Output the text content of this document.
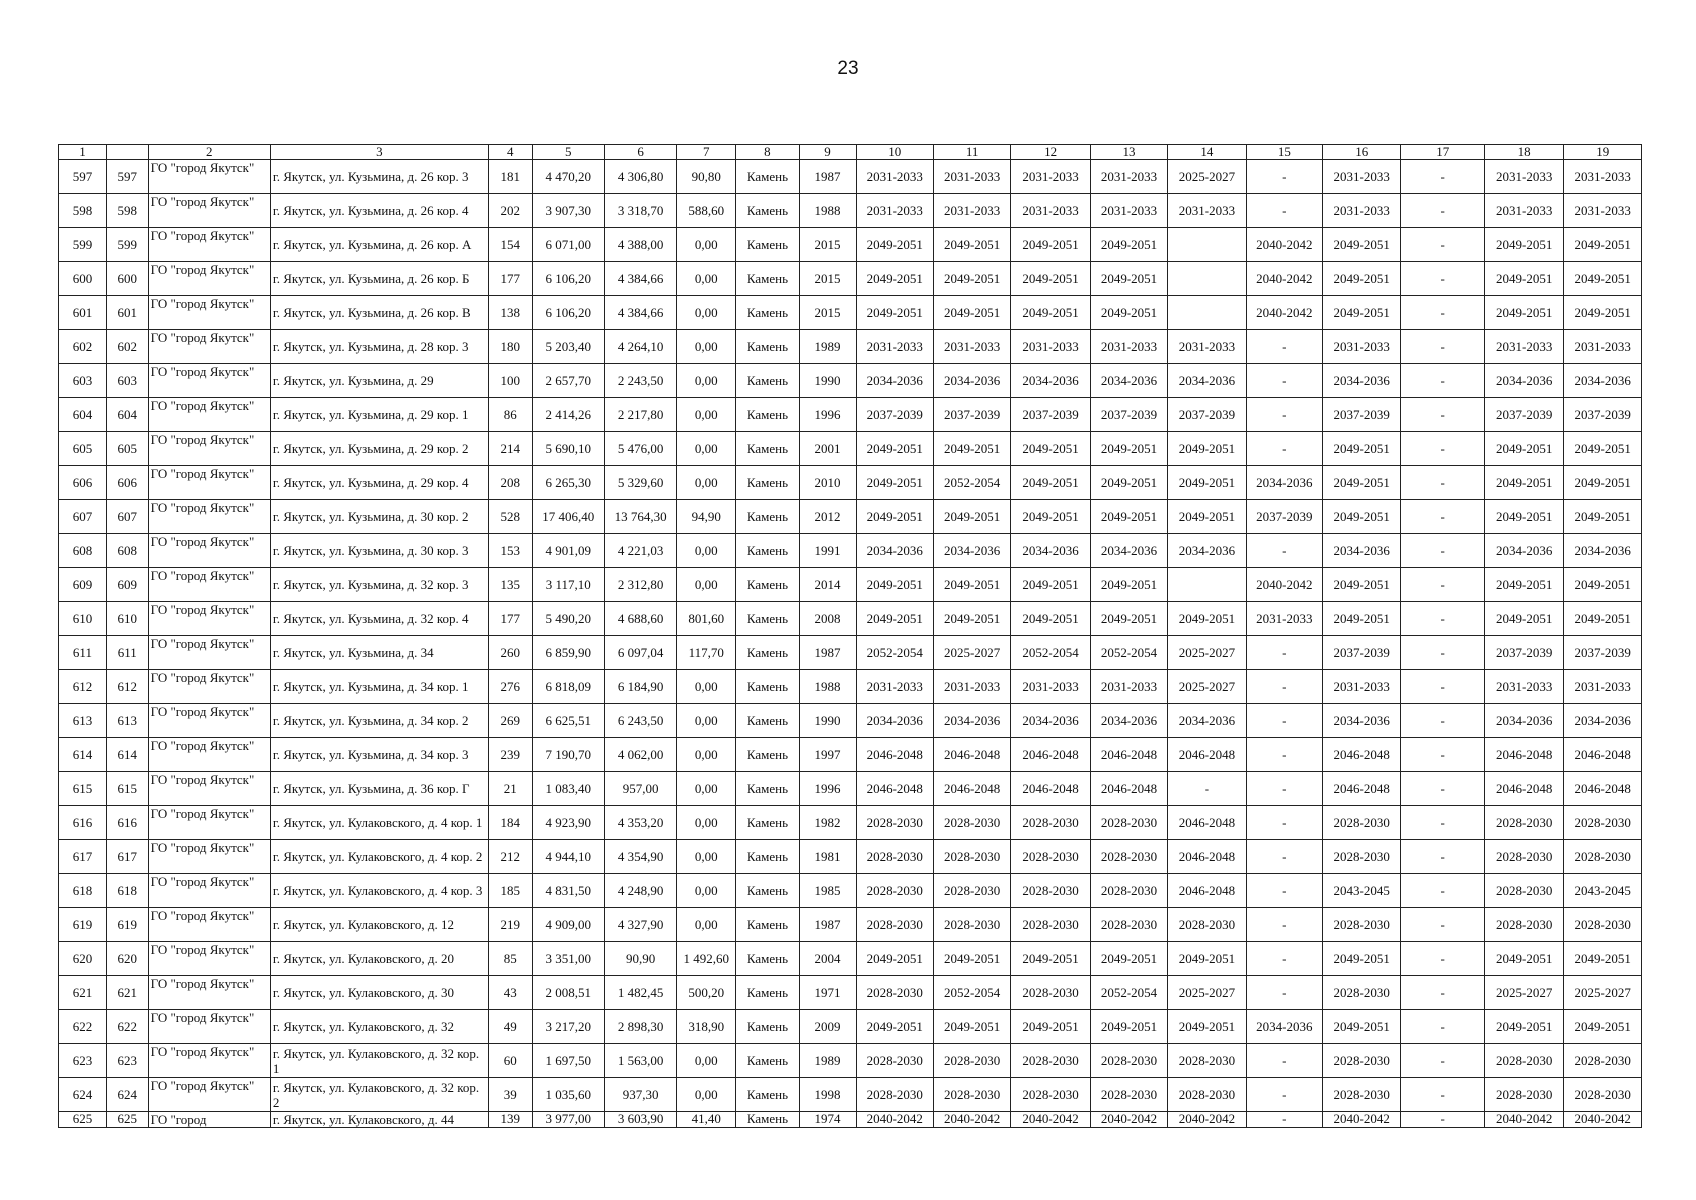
23
1		2	3	4	5	6	7	8	9	10	11	12	13	14	15	16	17	18	19
597	597	ГО "город Якутск"	г. Якутск, ул. Кузьмина, д. 26 кор. 3	181	4 470,20	4 306,80	90,80	Камень	1987	2031-2033	2031-2033	2031-2033	2031-2033	2025-2027	-	2031-2033	-	2031-2033	2031-2033
598	598	ГО "город Якутск"	г. Якутск, ул. Кузьмина, д. 26 кор. 4	202	3 907,30	3 318,70	588,60	Камень	1988	2031-2033	2031-2033	2031-2033	2031-2033	2031-2033	-	2031-2033	-	2031-2033	2031-2033
599	599	ГО "город Якутск"	г. Якутск, ул. Кузьмина, д. 26 кор. А	154	6 071,00	4 388,00	0,00	Камень	2015	2049-2051	2049-2051	2049-2051	2049-2051		2040-2042	2049-2051	-	2049-2051	2049-2051
600	600	ГО "город Якутск"	г. Якутск, ул. Кузьмина, д. 26 кор. Б	177	6 106,20	4 384,66	0,00	Камень	2015	2049-2051	2049-2051	2049-2051	2049-2051		2040-2042	2049-2051	-	2049-2051	2049-2051
601	601	ГО "город Якутск"	г. Якутск, ул. Кузьмина, д. 26 кор. В	138	6 106,20	4 384,66	0,00	Камень	2015	2049-2051	2049-2051	2049-2051	2049-2051		2040-2042	2049-2051	-	2049-2051	2049-2051
602	602	ГО "город Якутск"	г. Якутск, ул. Кузьмина, д. 28 кор. 3	180	5 203,40	4 264,10	0,00	Камень	1989	2031-2033	2031-2033	2031-2033	2031-2033	2031-2033	-	2031-2033	-	2031-2033	2031-2033
603	603	ГО "город Якутск"	г. Якутск, ул. Кузьмина, д. 29	100	2 657,70	2 243,50	0,00	Камень	1990	2034-2036	2034-2036	2034-2036	2034-2036	2034-2036	-	2034-2036	-	2034-2036	2034-2036
604	604	ГО "город Якутск"	г. Якутск, ул. Кузьмина, д. 29 кор. 1	86	2 414,26	2 217,80	0,00	Камень	1996	2037-2039	2037-2039	2037-2039	2037-2039	2037-2039	-	2037-2039	-	2037-2039	2037-2039
605	605	ГО "город Якутск"	г. Якутск, ул. Кузьмина, д. 29 кор. 2	214	5 690,10	5 476,00	0,00	Камень	2001	2049-2051	2049-2051	2049-2051	2049-2051	2049-2051	-	2049-2051	-	2049-2051	2049-2051
606	606	ГО "город Якутск"	г. Якутск, ул. Кузьмина, д. 29 кор. 4	208	6 265,30	5 329,60	0,00	Камень	2010	2049-2051	2052-2054	2049-2051	2049-2051	2049-2051	2034-2036	2049-2051	-	2049-2051	2049-2051
607	607	ГО "город Якутск"	г. Якутск, ул. Кузьмина, д. 30 кор. 2	528	17 406,40	13 764,30	94,90	Камень	2012	2049-2051	2049-2051	2049-2051	2049-2051	2049-2051	2037-2039	2049-2051	-	2049-2051	2049-2051
608	608	ГО "город Якутск"	г. Якутск, ул. Кузьмина, д. 30 кор. 3	153	4 901,09	4 221,03	0,00	Камень	1991	2034-2036	2034-2036	2034-2036	2034-2036	2034-2036	-	2034-2036	-	2034-2036	2034-2036
609	609	ГО "город Якутск"	г. Якутск, ул. Кузьмина, д. 32 кор. 3	135	3 117,10	2 312,80	0,00	Камень	2014	2049-2051	2049-2051	2049-2051	2049-2051		2040-2042	2049-2051	-	2049-2051	2049-2051
610	610	ГО "город Якутск"	г. Якутск, ул. Кузьмина, д. 32 кор. 4	177	5 490,20	4 688,60	801,60	Камень	2008	2049-2051	2049-2051	2049-2051	2049-2051	2049-2051	2031-2033	2049-2051	-	2049-2051	2049-2051
611	611	ГО "город Якутск"	г. Якутск, ул. Кузьмина, д. 34	260	6 859,90	6 097,04	117,70	Камень	1987	2052-2054	2025-2027	2052-2054	2052-2054	2025-2027	-	2037-2039	-	2037-2039	2037-2039
612	612	ГО "город Якутск"	г. Якутск, ул. Кузьмина, д. 34 кор. 1	276	6 818,09	6 184,90	0,00	Камень	1988	2031-2033	2031-2033	2031-2033	2031-2033	2025-2027	-	2031-2033	-	2031-2033	2031-2033
613	613	ГО "город Якутск"	г. Якутск, ул. Кузьмина, д. 34 кор. 2	269	6 625,51	6 243,50	0,00	Камень	1990	2034-2036	2034-2036	2034-2036	2034-2036	2034-2036	-	2034-2036	-	2034-2036	2034-2036
614	614	ГО "город Якутск"	г. Якутск, ул. Кузьмина, д. 34 кор. 3	239	7 190,70	4 062,00	0,00	Камень	1997	2046-2048	2046-2048	2046-2048	2046-2048	2046-2048	-	2046-2048	-	2046-2048	2046-2048
615	615	ГО "город Якутск"	г. Якутск, ул. Кузьмина, д. 36 кор. Г	21	1 083,40	957,00	0,00	Камень	1996	2046-2048	2046-2048	2046-2048	2046-2048	-	-	2046-2048	-	2046-2048	2046-2048
616	616	ГО "город Якутск"	г. Якутск, ул. Кулаковского, д. 4 кор. 1	184	4 923,90	4 353,20	0,00	Камень	1982	2028-2030	2028-2030	2028-2030	2028-2030	2046-2048	-	2028-2030	-	2028-2030	2028-2030
617	617	ГО "город Якутск"	г. Якутск, ул. Кулаковского, д. 4 кор. 2	212	4 944,10	4 354,90	0,00	Камень	1981	2028-2030	2028-2030	2028-2030	2028-2030	2046-2048	-	2028-2030	-	2028-2030	2028-2030
618	618	ГО "город Якутск"	г. Якутск, ул. Кулаковского, д. 4 кор. 3	185	4 831,50	4 248,90	0,00	Камень	1985	2028-2030	2028-2030	2028-2030	2028-2030	2046-2048	-	2043-2045	-	2028-2030	2043-2045
619	619	ГО "город Якутск"	г. Якутск, ул. Кулаковского, д. 12	219	4 909,00	4 327,90	0,00	Камень	1987	2028-2030	2028-2030	2028-2030	2028-2030	2028-2030	-	2028-2030	-	2028-2030	2028-2030
620	620	ГО "город Якутск"	г. Якутск, ул. Кулаковского, д. 20	85	3 351,00	90,90	1 492,60	Камень	2004	2049-2051	2049-2051	2049-2051	2049-2051	2049-2051	-	2049-2051	-	2049-2051	2049-2051
621	621	ГО "город Якутск"	г. Якутск, ул. Кулаковского, д. 30	43	2 008,51	1 482,45	500,20	Камень	1971	2028-2030	2052-2054	2028-2030	2052-2054	2025-2027	-	2028-2030	-	2025-2027	2025-2027
622	622	ГО "город Якутск"	г. Якутск, ул. Кулаковского, д. 32	49	3 217,20	2 898,30	318,90	Камень	2009	2049-2051	2049-2051	2049-2051	2049-2051	2049-2051	2034-2036	2049-2051	-	2049-2051	2049-2051
623	623	ГО "город Якутск"	г. Якутск, ул. Кулаковского, д. 32 кор. 1	60	1 697,50	1 563,00	0,00	Камень	1989	2028-2030	2028-2030	2028-2030	2028-2030	2028-2030	-	2028-2030	-	2028-2030	2028-2030
624	624	ГО "город Якутск"	г. Якутск, ул. Кулаковского, д. 32 кор. 2	39	1 035,60	937,30	0,00	Камень	1998	2028-2030	2028-2030	2028-2030	2028-2030	2028-2030	-	2028-2030	-	2028-2030	2028-2030
625	625	ГО "город	г. Якутск, ул. Кулаковского, д. 44	139	3 977,00	3 603,90	41,40	Камень	1974	2040-2042	2040-2042	2040-2042	2040-2042	2040-2042	-	2040-2042	-	2040-2042	2040-2042
